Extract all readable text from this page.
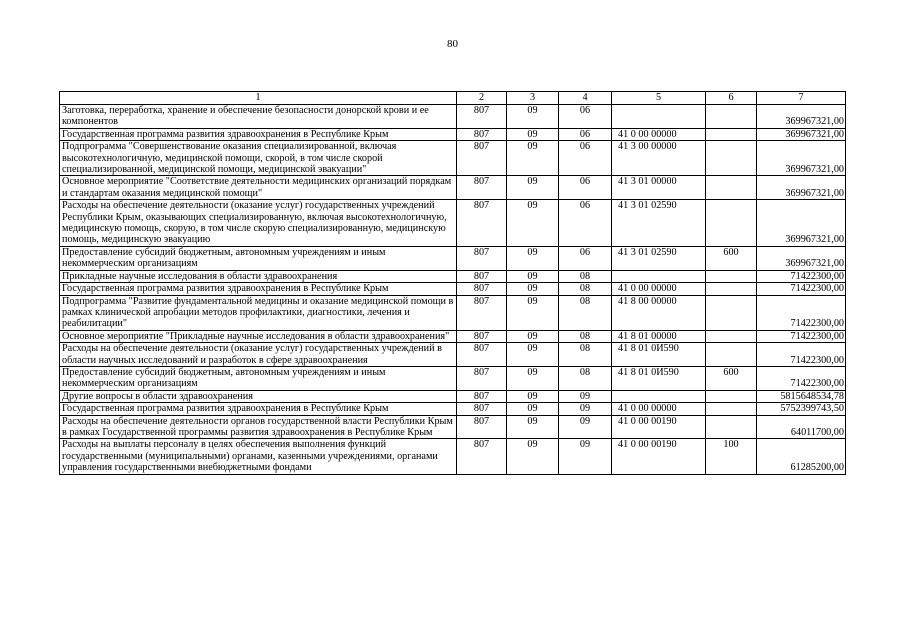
80
1	2	3	4	5	6	7
Заготовка, переработка, хранение и обеспечение безопасности донорской крови и ее компонентов	807	09	06			369967321,00
Государственная программа развития здравоохранения в Республике Крым	807	09	06	41 0 00 00000		369967321,00
Подпрограмма "Совершенствование оказания специализированной, включая высокотехнологичную, медицинской помощи, скорой, в том числе скорой специализированной, медицинской помощи, медицинской эвакуации"	807	09	06	41 3 00 00000		369967321,00
Основное мероприятие "Соответствие деятельности медицинских организаций порядкам и стандартам оказания медицинской помощи"	807	09	06	41 3 01 00000		369967321,00
Расходы на обеспечение деятельности (оказание услуг) государственных учреждений Республики Крым, оказывающих специализированную, включая высокотехнологичную, медицинскую помощь, скорую, в том числе скорую специализированную, медицинскую помощь, медицинскую эвакуацию	807	09	06	41 3 01 02590		369967321,00
Предоставление субсидий бюджетным, автономным учреждениям и иным некоммерческим организациям	807	09	06	41 3 01 02590	600	369967321,00
Прикладные научные исследования в области здравоохранения	807	09	08			71422300,00
Государственная программа развития здравоохранения в Республике Крым	807	09	08	41 0 00 00000		71422300,00
Подпрограмма "Развитие фундаментальной медицины и оказание медицинской помощи в рамках клинической апробации методов профилактики, диагностики, лечения и реабилитации"	807	09	08	41 8 00 00000		71422300,00
Основное мероприятие "Прикладные научные исследования в области здравоохранения"	807	09	08	41 8 01 00000		71422300,00
Расходы на обеспечение деятельности (оказание услуг) государственных учреждений в области научных исследований и разработок в сфере здравоохранения	807	09	08	41 8 01 0И590		71422300,00
Предоставление субсидий бюджетным, автономным учреждениям и иным некоммерческим организациям	807	09	08	41 8 01 0И590	600	71422300,00
Другие вопросы в области здравоохранения	807	09	09			5815648534,78
Государственная программа развития здравоохранения в Республике Крым	807	09	09	41 0 00 00000		5752399743,50
Расходы на обеспечение деятельности органов государственной власти Республики Крым в рамках Государственной программы развития здравоохранения в Республике Крым	807	09	09	41 0 00 00190		64011700,00
Расходы на выплаты персоналу в целях обеспечения выполнения функций государственными (муниципальными) органами, казенными учреждениями, органами управления государственными внебюджетными фондами	807	09	09	41 0 00 00190	100	61285200,00
